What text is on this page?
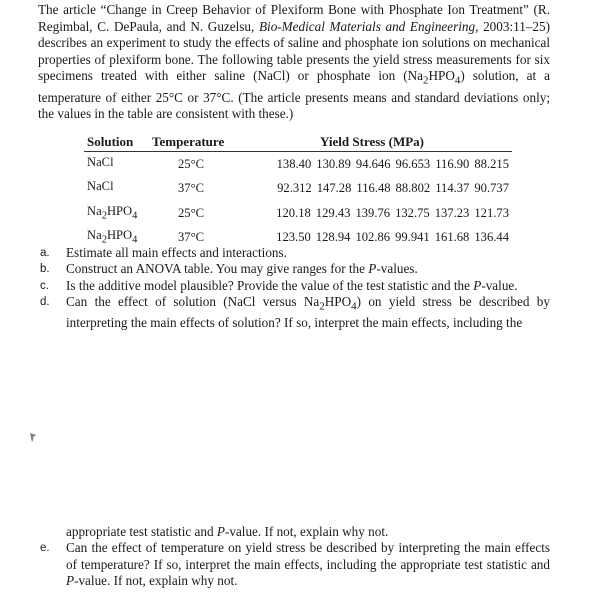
The article “Change in Creep Behavior of Plexiform Bone with Phosphate Ion Treatment” (R. Regimbal, C. DePaula, and N. Guzelsu, Bio-Medical Materials and Engineering, 2003:11–25) describes an experiment to study the effects of saline and phosphate ion solutions on mechanical properties of plexiform bone. The following table presents the yield stress measurements for six specimens treated with either saline (NaCl) or phosphate ion $(Na_2HPO_4)$ solution, at a temperature of either 25°C or 37°C. (The article presents means and standard deviations only; the values in the table are consistent with these.)
Solution	Temperature	Yield Stress (MPa)
NaCl	25°C	138.40 130.89 94.646 96.653 116.90 88.215
NaCl	37°C	92.312 147.28 116.48 88.802 114.37 90.737
$Na_2HPO_4$	25°C	120.18 129.43 139.76 132.75 137.23 121.73
$Na_2HPO_4$	37°C	123.50 128.94 102.86 99.941 161.68 136.44
a. Estimate all main effects and interactions.
b. Construct an ANOVA table. You may give ranges for the P-values.
c. Is the additive model plausible? Provide the value of the test statistic and the P-value.
d. Can the effect of solution (NaCl versus $Na_2HPO_4$) on yield stress be described by interpreting the main effects of solution? If so, interpret the main effects, including the
appropriate test statistic and P-value. If not, explain why not.
e. Can the effect of temperature on yield stress be described by interpreting the main effects of temperature? If so, interpret the main effects, including the appropriate test statistic and P-value. If not, explain why not.
